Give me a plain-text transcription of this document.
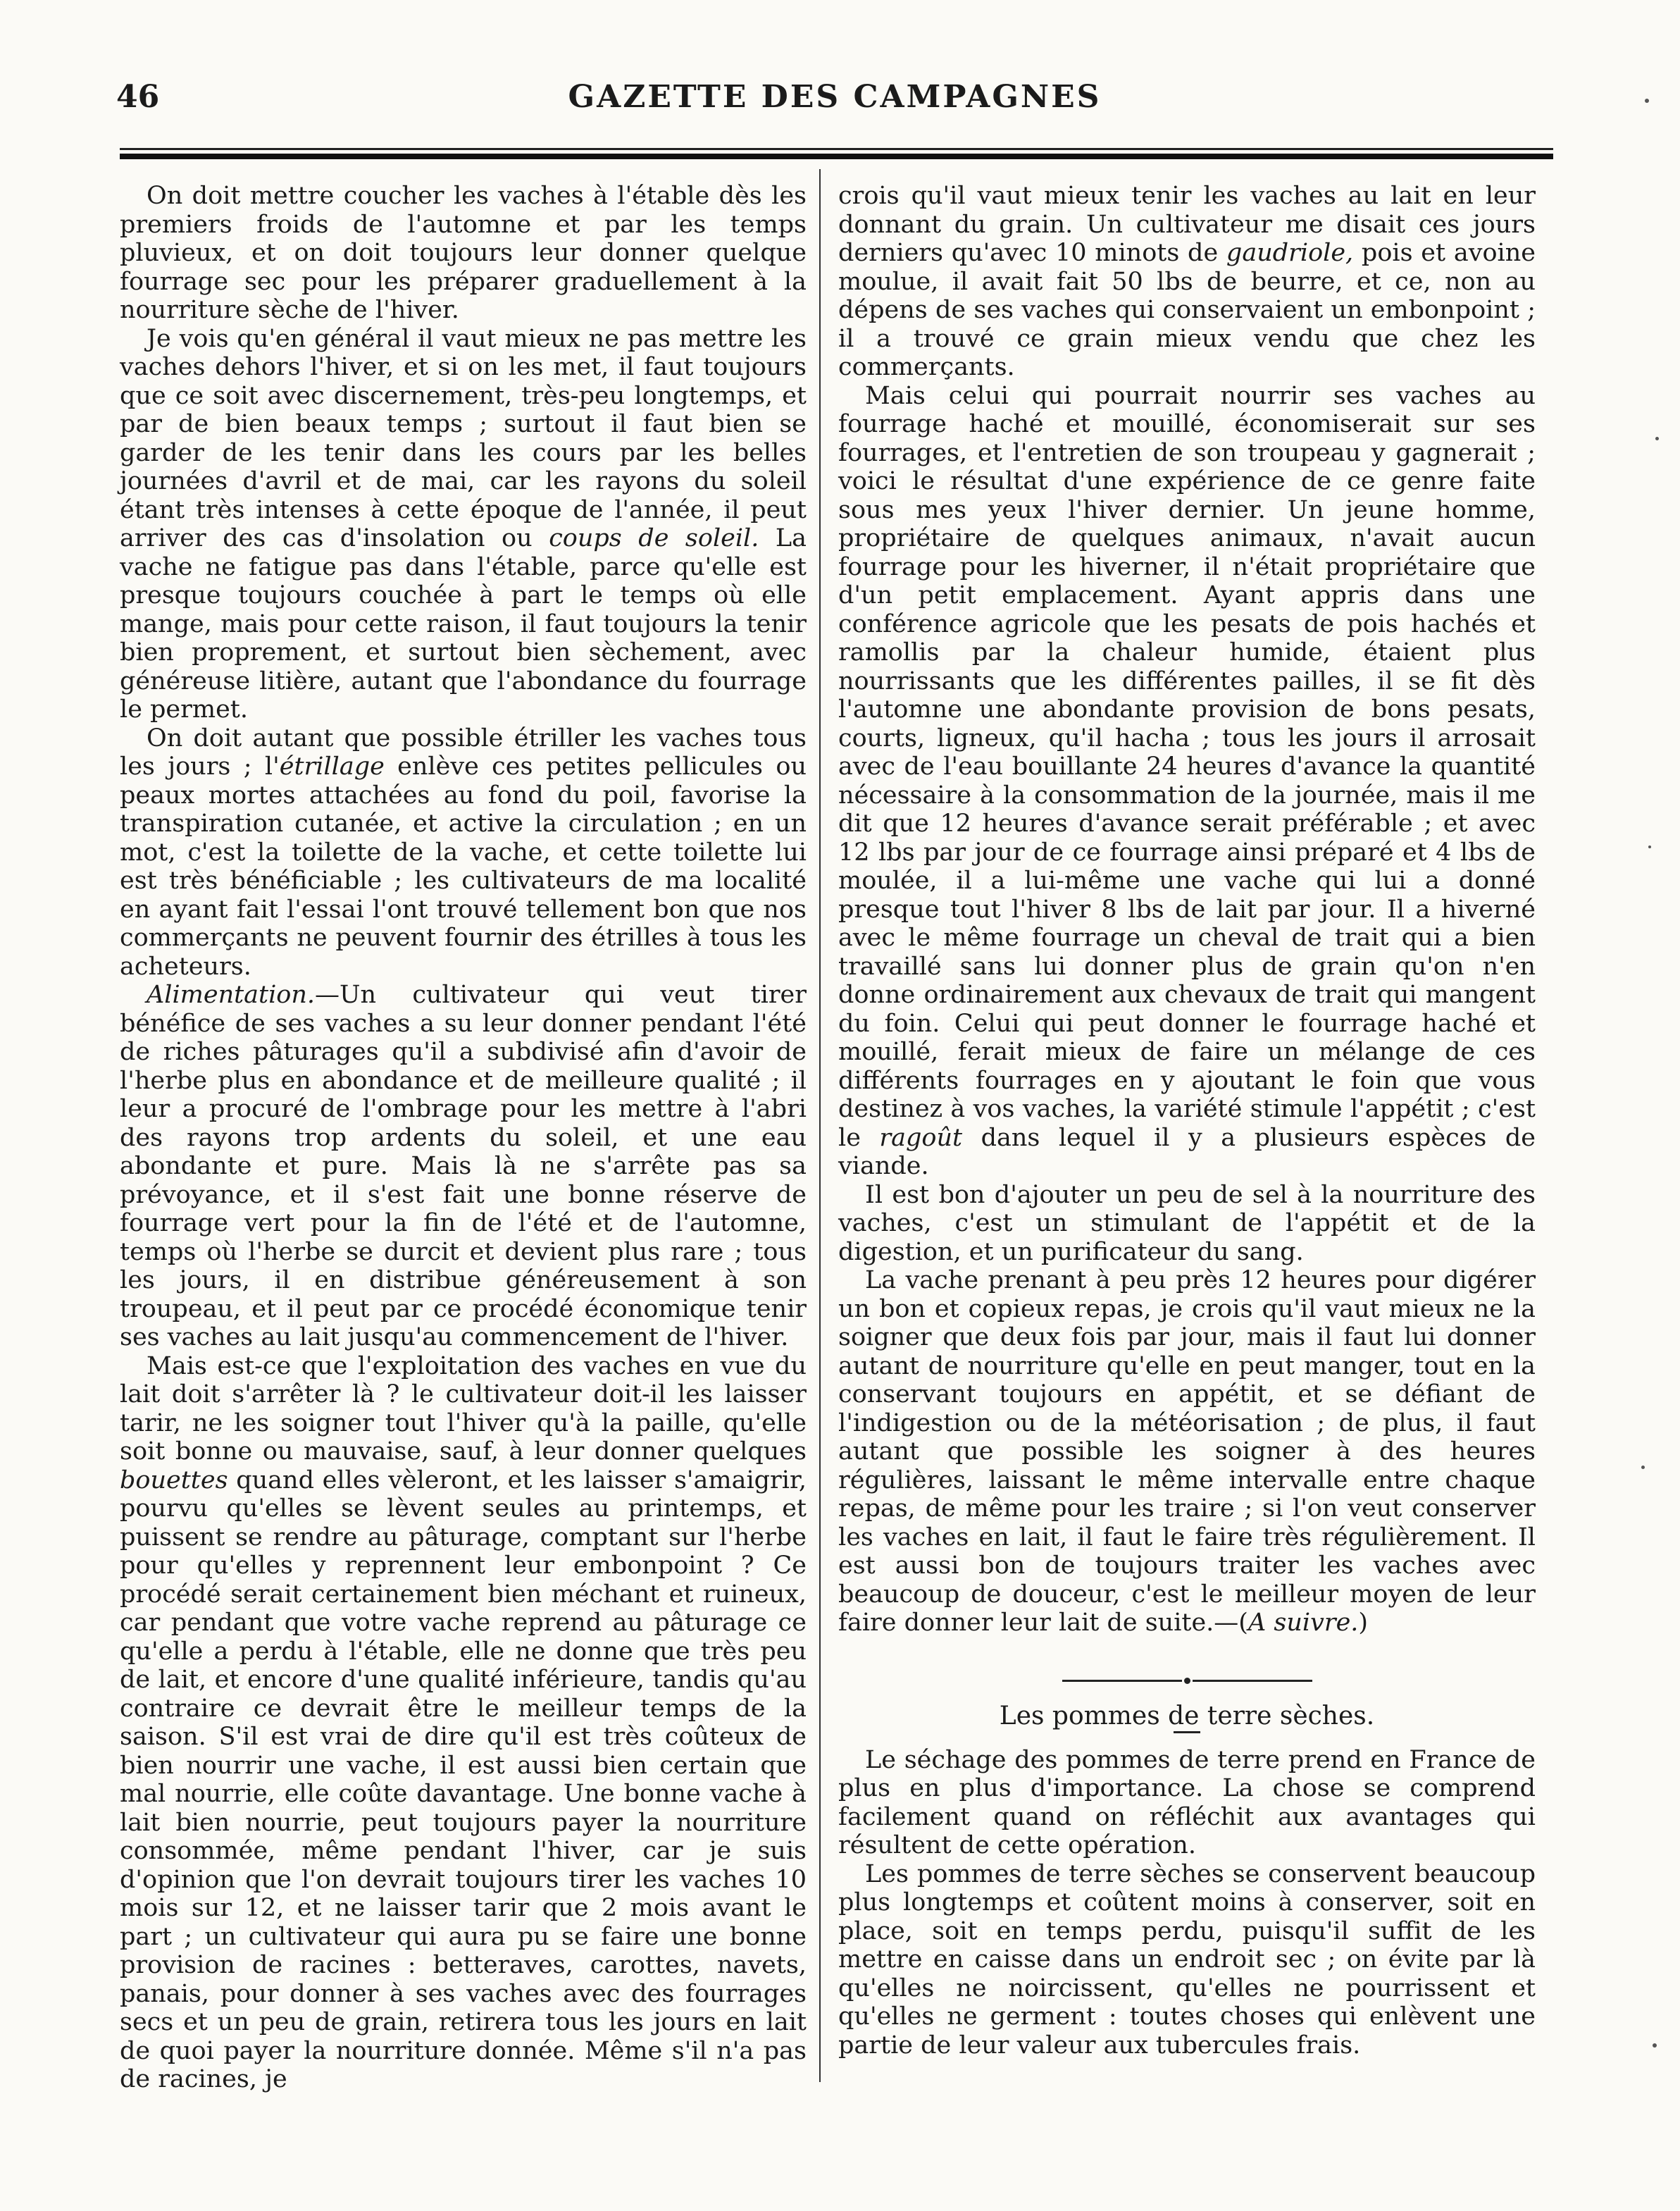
46	GAZETTE DES CAMPAGNES

On doit mettre coucher les vaches à l'étable dès les premiers froids de l'automne et par les temps pluvieux, et on doit toujours leur donner quelque fourrage sec pour les préparer graduellement à la nourriture sèche de l'hiver.

Je vois qu'en général il vaut mieux ne pas mettre les vaches dehors l'hiver, et si on les met, il faut toujours que ce soit avec discernement, très-peu longtemps, et par de bien beaux temps ; surtout il faut bien se garder de les tenir dans les cours par les belles journées d'avril et de mai, car les rayons du soleil étant très intenses à cette époque de l'année, il peut arriver des cas d'insolation ou coups de soleil. La vache ne fatigue pas dans l'étable, parce qu'elle est presque toujours couchée à part le temps où elle mange, mais pour cette raison, il faut toujours la tenir bien proprement, et surtout bien sèchement, avec généreuse litière, autant que l'abondance du fourrage le permet.

On doit autant que possible étriller les vaches tous les jours ; l'étrillage enlève ces petites pellicules ou peaux mortes attachées au fond du poil, favorise la transpiration cutanée, et active la circulation ; en un mot, c'est la toilette de la vache, et cette toilette lui est très bénéficiable ; les cultivateurs de ma localité en ayant fait l'essai l'ont trouvé tellement bon que nos commerçants ne peuvent fournir des étrilles à tous les acheteurs.

Alimentation.—Un cultivateur qui veut tirer bénéfice de ses vaches a su leur donner pendant l'été de riches pâturages qu'il a subdivisé afin d'avoir de l'herbe plus en abondance et de meilleure qualité ; il leur a procuré de l'ombrage pour les mettre à l'abri des rayons trop ardents du soleil, et une eau abondante et pure. Mais là ne s'arrête pas sa prévoyance, et il s'est fait une bonne réserve de fourrage vert pour la fin de l'été et de l'automne, temps où l'herbe se durcit et devient plus rare ; tous les jours, il en distribue généreusement à son troupeau, et il peut par ce procédé économique tenir ses vaches au lait jusqu'au commencement de l'hiver.

Mais est-ce que l'exploitation des vaches en vue du lait doit s'arrêter là ? le cultivateur doit-il les laisser tarir, ne les soigner tout l'hiver qu'à la paille, qu'elle soit bonne ou mauvaise, sauf, à leur donner quelques bouettes quand elles vèleront, et les laisser s'amaigrir, pourvu qu'elles se lèvent seules au printemps, et puissent se rendre au pâturage, comptant sur l'herbe pour qu'elles y reprennent leur embonpoint ? Ce procédé serait certainement bien méchant et ruineux, car pendant que votre vache reprend au pâturage ce qu'elle a perdu à l'étable, elle ne donne que très peu de lait, et encore d'une qualité inférieure, tandis qu'au contraire ce devrait être le meilleur temps de la saison. S'il est vrai de dire qu'il est très coûteux de bien nourrir une vache, il est aussi bien certain que mal nourrie, elle coûte davantage. Une bonne vache à lait bien nourrie, peut toujours payer la nourriture consommée, même pendant l'hiver, car je suis d'opinion que l'on devrait toujours tirer les vaches 10 mois sur 12, et ne laisser tarir que 2 mois avant le part ; un cultivateur qui aura pu se faire une bonne provision de racines : betteraves, carottes, navets, panais, pour donner à ses vaches avec des fourrages secs et un peu de grain, retirera tous les jours en lait de quoi payer la nourriture donnée. Même s'il n'a pas de racines, je

crois qu'il vaut mieux tenir les vaches au lait en leur donnant du grain. Un cultivateur me disait ces jours derniers qu'avec 10 minots de gaudriole, pois et avoine moulue, il avait fait 50 lbs de beurre, et ce, non au dépens de ses vaches qui conservaient un embonpoint ; il a trouvé ce grain mieux vendu que chez les commerçants.

Mais celui qui pourrait nourrir ses vaches au fourrage haché et mouillé, économiserait sur ses fourrages, et l'entretien de son troupeau y gagnerait ; voici le résultat d'une expérience de ce genre faite sous mes yeux l'hiver dernier. Un jeune homme, propriétaire de quelques animaux, n'avait aucun fourrage pour les hiverner, il n'était propriétaire que d'un petit emplacement. Ayant appris dans une conférence agricole que les pesats de pois hachés et ramollis par la chaleur humide, étaient plus nourrissants que les différentes pailles, il se fit dès l'automne une abondante provision de bons pesats, courts, ligneux, qu'il hacha ; tous les jours il arrosait avec de l'eau bouillante 24 heures d'avance la quantité nécessaire à la consommation de la journée, mais il me dit que 12 heures d'avance serait préférable ; et avec 12 lbs par jour de ce fourrage ainsi préparé et 4 lbs de moulée, il a lui-même une vache qui lui a donné presque tout l'hiver 8 lbs de lait par jour. Il a hiverné avec le même fourrage un cheval de trait qui a bien travaillé sans lui donner plus de grain qu'on n'en donne ordinairement aux chevaux de trait qui mangent du foin. Celui qui peut donner le fourrage haché et mouillé, ferait mieux de faire un mélange de ces différents fourrages en y ajoutant le foin que vous destinez à vos vaches, la variété stimule l'appétit ; c'est le ragoût dans lequel il y a plusieurs espèces de viande.

Il est bon d'ajouter un peu de sel à la nourriture des vaches, c'est un stimulant de l'appétit et de la digestion, et un purificateur du sang.

La vache prenant à peu près 12 heures pour digérer un bon et copieux repas, je crois qu'il vaut mieux ne la soigner que deux fois par jour, mais il faut lui donner autant de nourriture qu'elle en peut manger, tout en la conservant toujours en appétit, et se défiant de l'indigestion ou de la météorisation ; de plus, il faut autant que possible les soigner à des heures régulières, laissant le même intervalle entre chaque repas, de même pour les traire ; si l'on veut conserver les vaches en lait, il faut le faire très régulièrement. Il est aussi bon de toujours traiter les vaches avec beaucoup de douceur, c'est le meilleur moyen de leur faire donner leur lait de suite.—(A suivre.)

Les pommes de terre sèches.

Le séchage des pommes de terre prend en France de plus en plus d'importance. La chose se comprend facilement quand on réfléchit aux avantages qui résultent de cette opération.

Les pommes de terre sèches se conservent beaucoup plus longtemps et coûtent moins à conserver, soit en place, soit en temps perdu, puisqu'il suffit de les mettre en caisse dans un endroit sec ; on évite par là qu'elles ne noircissent, qu'elles ne pourrissent et qu'elles ne germent : toutes choses qui enlèvent une partie de leur valeur aux tubercules frais.
